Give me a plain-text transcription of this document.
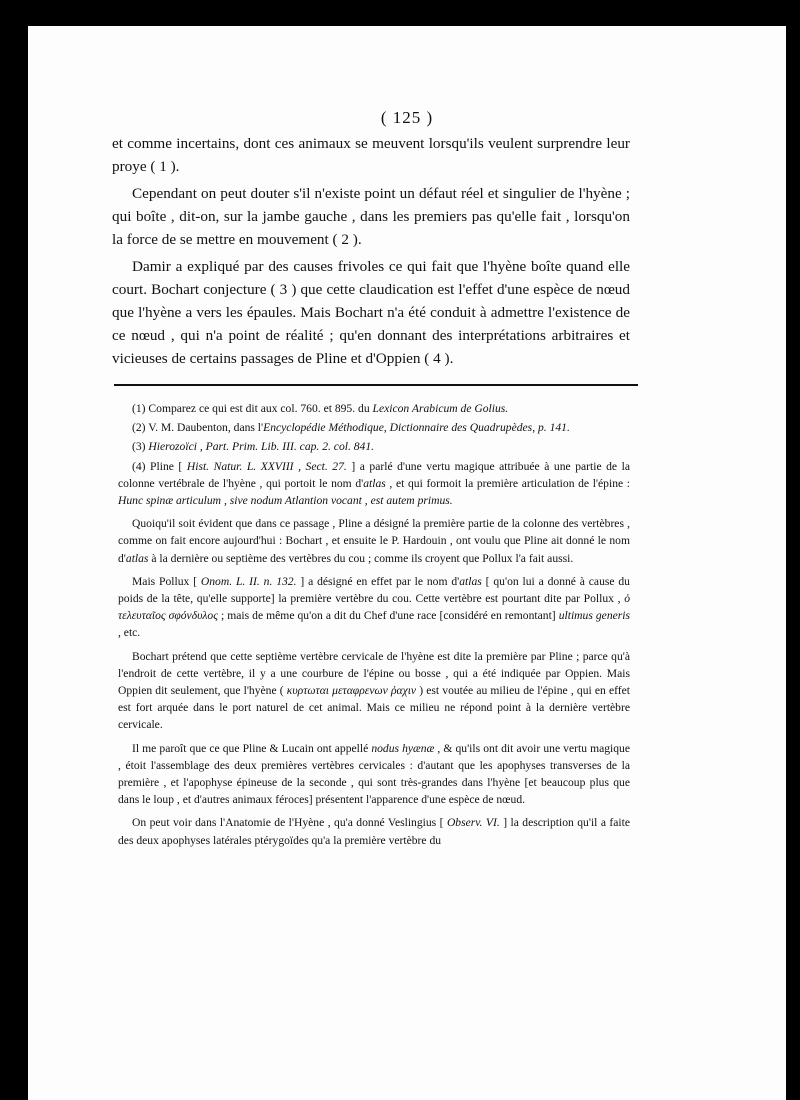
( 125 )

et comme incertains, dont ces animaux se meuvent lorsqu'ils veulent surprendre leur proye ( 1 ).

Cependant on peut douter s'il n'existe point un défaut réel et singulier de l'hyène ; qui boîte , dit-on, sur la jambe gauche , dans les premiers pas qu'elle fait , lorsqu'on la force de se mettre en mouvement ( 2 ).

Damir a expliqué par des causes frivoles ce qui fait que l'hyène boîte quand elle court. Bochart conjecture ( 3 ) que cette claudication est l'effet d'une espèce de nœud que l'hyène a vers les épaules. Mais Bochart n'a été conduit à admettre l'existence de ce nœud , qui n'a point de réalité ; qu'en donnant des interprétations arbitraires et vicieuses de certains passages de Pline et d'Oppien ( 4 ).

(1) Comparez ce qui est dit aux col. 760. et 895. du Lexicon Arabicum de Golius.

(2) V. M. Daubenton, dans l'Encyclopédie Méthodique, Dictionnaire des Quadrupèdes, p. 141.

(3) Hierozoïci , Part. Prim. Lib. III. cap. 2. col. 841.

(4) Pline [ Hist. Natur. L. XXVIII , Sect. 27. ] a parlé d'une vertu magique attribuée à une partie de la colonne vertébrale de l'hyène , qui portoit le nom d'atlas , et qui formoit la première articulation de l'épine : Hunc spinæ articulum , sive nodum Atlantion vocant , est autem primus.

Quoiqu'il soit évident que dans ce passage , Pline a désigné la première partie de la colonne des vertèbres , comme on fait encore aujourd'hui : Bochart , et ensuite le P. Hardouin , ont voulu que Pline ait donné le nom d'atlas à la dernière ou septième des vertèbres du cou ; comme ils croyent que Pollux l'a fait aussi.

Mais Pollux [ Onom. L. II. n. 132. ] a désigné en effet par le nom d'atlas [ qu'on lui a donné à cause du poids de la tête, qu'elle supporte] la première vertèbre du cou. Cette vertèbre est pourtant dite par Pollux , ὁ τελευταῖος σφόνδυλος ; mais de même qu'on a dit du Chef d'une race [considéré en remontant] ultimus generis , etc.

Bochart prétend que cette septième vertèbre cervicale de l'hyène est dite la première par Pline ; parce qu'à l'endroit de cette vertèbre, il y a une courbure de l'épine ou bosse , qui a été indiquée par Oppien. Mais Oppien dit seulement, que l'hyène ( κυρτωται μεταφρενων ῥαχιν ) est voutée au milieu de l'épine , qui en effet est fort arquée dans le port naturel de cet animal. Mais ce milieu ne répond point à la dernière vertèbre cervicale.

Il me paroît que ce que Pline & Lucain ont appellé nodus hyænæ , & qu'ils ont dit avoir une vertu magique , étoit l'assemblage des deux premières vertèbres cervicales : d'autant que les apophyses transverses de la première , et l'apophyse épineuse de la seconde , qui sont très-grandes dans l'hyène [et beaucoup plus que dans le loup , et d'autres animaux féroces] présentent l'apparence d'une espèce de nœud.

On peut voir dans l'Anatomie de l'Hyène , qu'a donné Veslingius [ Observ. VI. ] la description qu'il a faite des deux apophyses latérales ptérygoïdes qu'a la première vertèbre du
